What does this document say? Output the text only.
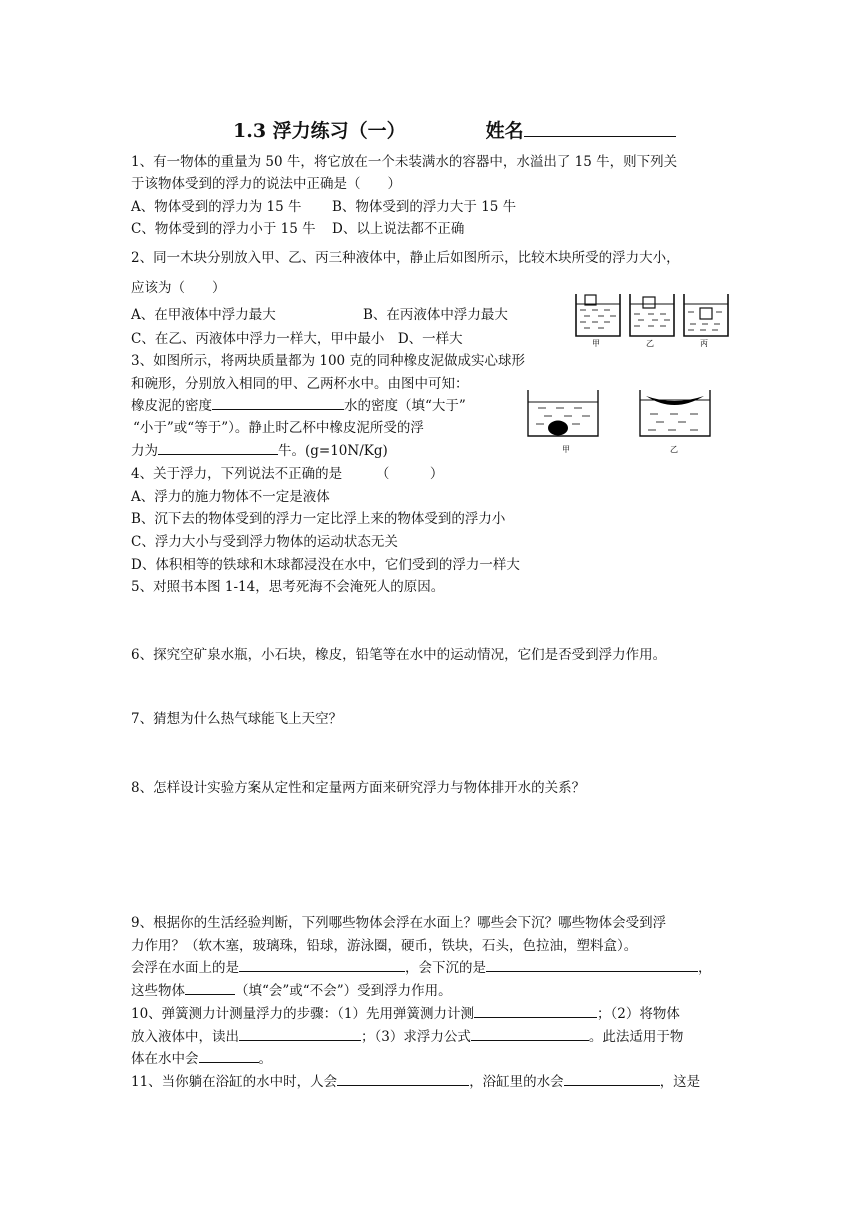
1.3 浮力练习（一）	姓名
1、有一物体的重量为 50 牛，将它放在一个未装满水的容器中，水溢出了 15 牛，则下列关
于该物体受到的浮力的说法中正确是（　　）
A、物体受到的浮力为 15 牛 B、物体受到的浮力大于 15 牛
C、物体受到的浮力小于 15 牛 D、以上说法都不正确
2、同一木块分别放入甲、乙、丙三种液体中，静止后如图所示，比较木块所受的浮力大小，
应该为（　　）
A、在甲液体中浮力最大	B、在丙液体中浮力最大
C、在乙、丙液体中浮力一样大，甲中最小　D、一样大	甲	乙	丙
3、如图所示，将两块质量都为 100 克的同种橡皮泥做成实心球形
和碗形，分别放入相同的甲、乙两杯水中。由图中可知：
橡皮泥的密度	水的密度（填“大于”
“小于”或“等于”）。静止时乙杯中橡皮泥所受的浮
力为	牛。(g=10N/Kg)	甲	乙
4、关于浮力，下列说法不正确的是　　　（　　　）
A、浮力的施力物体不一定是液体
B、沉下去的物体受到的浮力一定比浮上来的物体受到的浮力小
C、浮力大小与受到浮力物体的运动状态无关
D、体积相等的铁球和木球都浸没在水中，它们受到的浮力一样大
5、对照书本图 1-14，思考死海不会淹死人的原因。
6、探究空矿泉水瓶，小石块，橡皮，铅笔等在水中的运动情况，它们是否受到浮力作用。
7、猜想为什么热气球能飞上天空？
8、怎样设计实验方案从定性和定量两方面来研究浮力与物体排开水的关系？
9、根据你的生活经验判断，下列哪些物体会浮在水面上？哪些会下沉？哪些物体会受到浮
力作用？（软木塞，玻璃珠，铅球，游泳圈，硬币，铁块，石头，色拉油，塑料盒）。
会浮在水面上的是	，会下沉的是	，
这些物体	（填“会”或“不会”）受到浮力作用。
10、弹簧测力计测量浮力的步骤：（1）先用弹簧测力计测	；（2）将物体
放入液体中，读出	；（3）求浮力公式	。此法适用于物
体在水中会	。
11、当你躺在浴缸的水中时，人会	，浴缸里的水会	，这是
